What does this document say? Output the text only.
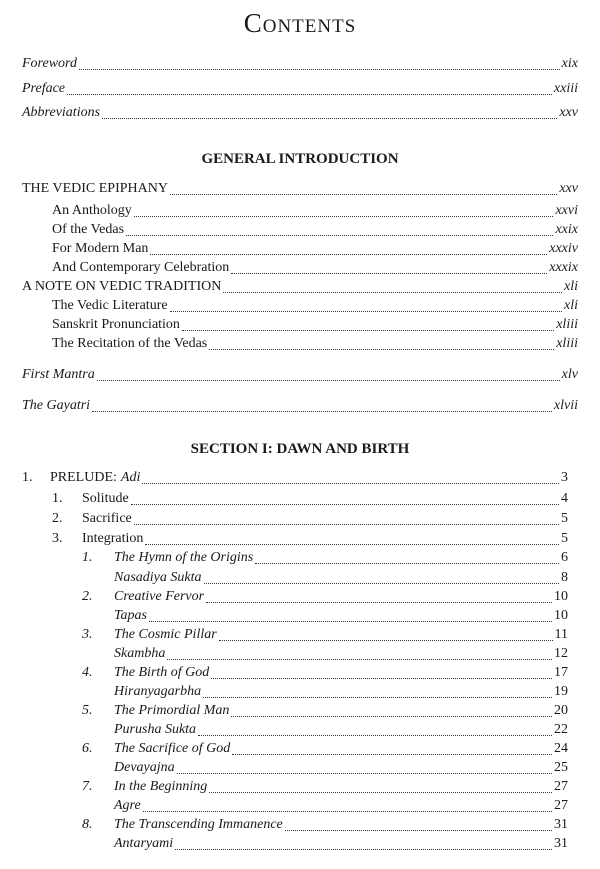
Contents
Foreword	xix
Preface	xxiii
Abbreviations	xxv
GENERAL INTRODUCTION
THE VEDIC EPIPHANY	xxv
An Anthology	xxvi
Of the Vedas	xxix
For Modern Man	xxxiv
And Contemporary Celebration	xxxix
A NOTE ON VEDIC TRADITION	xli
The Vedic Literature	xli
Sanskrit Pronunciation	xliii
The Recitation of the Vedas	xliii
First Mantra	xlv
The Gayatri	xlvii
SECTION I: DAWN AND BIRTH
1.	PRELUDE: Adi	3
1.	Solitude	4
2.	Sacrifice	5
3.	Integration	5
1.	The Hymn of the Origins	6
Nasadiya Sukta	8
2.	Creative Fervor	10
Tapas	10
3.	The Cosmic Pillar	11
Skambha	12
4.	The Birth of God	17
Hiranyagarbha	19
5.	The Primordial Man	20
Purusha Sukta	22
6.	The Sacrifice of God	24
Devayajna	25
7.	In the Beginning	27
Agre	27
8.	The Transcending Immanence	31
Antaryami	31
